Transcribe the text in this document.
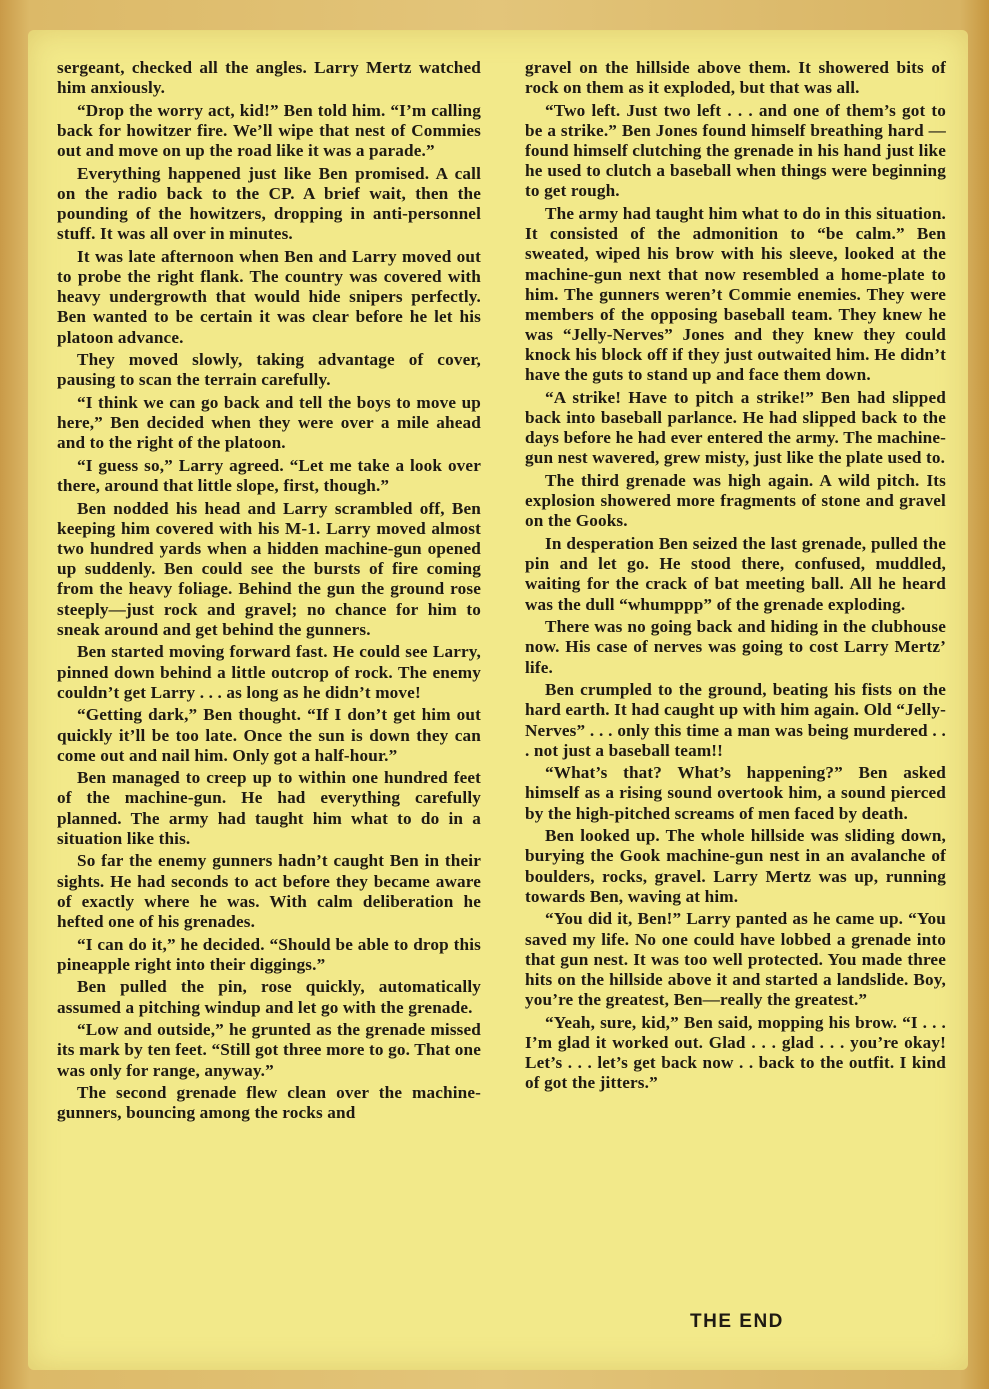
sergeant, checked all the angles. Larry Mertz watched him anxiously.

“Drop the worry act, kid!” Ben told him. “I’m calling back for howitzer fire. We’ll wipe that nest of Commies out and move on up the road like it was a parade.”

Everything happened just like Ben promised. A call on the radio back to the CP. A brief wait, then the pounding of the howitzers, dropping in anti-personnel stuff. It was all over in minutes.

It was late afternoon when Ben and Larry moved out to probe the right flank. The country was covered with heavy undergrowth that would hide snipers perfectly. Ben wanted to be certain it was clear before he let his platoon advance.

They moved slowly, taking advantage of cover, pausing to scan the terrain carefully.

“I think we can go back and tell the boys to move up here,” Ben decided when they were over a mile ahead and to the right of the platoon.

“I guess so,” Larry agreed. “Let me take a look over there, around that little slope, first, though.”

Ben nodded his head and Larry scrambled off, Ben keeping him covered with his M-1. Larry moved almost two hundred yards when a hidden machine-gun opened up suddenly. Ben could see the bursts of fire coming from the heavy foliage. Behind the gun the ground rose steeply—just rock and gravel; no chance for him to sneak around and get behind the gunners.

Ben started moving forward fast. He could see Larry, pinned down behind a little outcrop of rock. The enemy couldn’t get Larry . . . as long as he didn’t move!

“Getting dark,” Ben thought. “If I don’t get him out quickly it’ll be too late. Once the sun is down they can come out and nail him. Only got a half-hour.”

Ben managed to creep up to within one hundred feet of the machine-gun. He had everything carefully planned. The army had taught him what to do in a situation like this.

So far the enemy gunners hadn’t caught Ben in their sights. He had seconds to act before they became aware of exactly where he was. With calm deliberation he hefted one of his grenades.

“I can do it,” he decided. “Should be able to drop this pineapple right into their diggings.”

Ben pulled the pin, rose quickly, automatically assumed a pitching windup and let go with the grenade.

“Low and outside,” he grunted as the grenade missed its mark by ten feet. “Still got three more to go. That one was only for range, anyway.”

The second grenade flew clean over the machine-gunners, bouncing among the rocks and

gravel on the hillside above them. It showered bits of rock on them as it exploded, but that was all.

“Two left. Just two left . . . and one of them’s got to be a strike.” Ben Jones found himself breathing hard — found himself clutching the grenade in his hand just like he used to clutch a baseball when things were beginning to get rough.

The army had taught him what to do in this situation. It consisted of the admonition to “be calm.” Ben sweated, wiped his brow with his sleeve, looked at the machine-gun next that now resembled a home-plate to him. The gunners weren’t Commie enemies. They were members of the opposing baseball team. They knew he was “Jelly-Nerves” Jones and they knew they could knock his block off if they just outwaited him. He didn’t have the guts to stand up and face them down.

“A strike! Have to pitch a strike!” Ben had slipped back into baseball parlance. He had slipped back to the days before he had ever entered the army. The machine-gun nest wavered, grew misty, just like the plate used to.

The third grenade was high again. A wild pitch. Its explosion showered more fragments of stone and gravel on the Gooks.

In desperation Ben seized the last grenade, pulled the pin and let go. He stood there, confused, muddled, waiting for the crack of bat meeting ball. All he heard was the dull “whumppp” of the grenade exploding.

There was no going back and hiding in the clubhouse now. His case of nerves was going to cost Larry Mertz’ life.

Ben crumpled to the ground, beating his fists on the hard earth. It had caught up with him again. Old “Jelly-Nerves” . . . only this time a man was being murdered . . . not just a baseball team!!

“What’s that? What’s happening?” Ben asked himself as a rising sound overtook him, a sound pierced by the high-pitched screams of men faced by death.

Ben looked up. The whole hillside was sliding down, burying the Gook machine-gun nest in an avalanche of boulders, rocks, gravel. Larry Mertz was up, running towards Ben, waving at him.

“You did it, Ben!” Larry panted as he came up. “You saved my life. No one could have lobbed a grenade into that gun nest. It was too well protected. You made three hits on the hillside above it and started a landslide. Boy, you’re the greatest, Ben—really the greatest.”

“Yeah, sure, kid,” Ben said, mopping his brow. “I . . . I’m glad it worked out. Glad . . . glad . . . you’re okay! Let’s . . . let’s get back now . . back to the outfit. I kind of got the jitters.”

THE END
